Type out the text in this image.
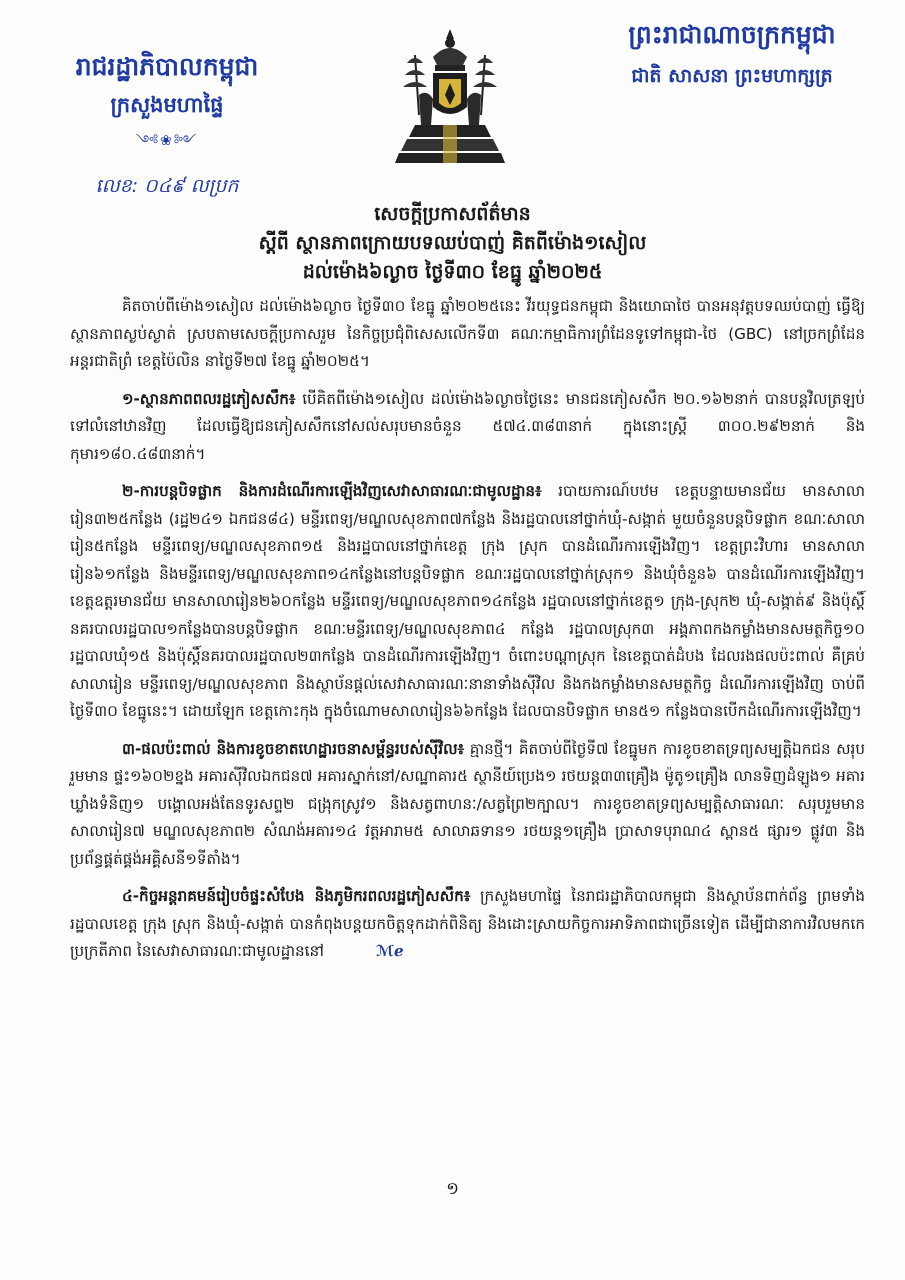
រាជរដ្ឋាភិបាលកម្ពុជា
ក្រសួងមហាផ្ទៃ
༺❀༻
លេខ: ០៤៩ លប្រក
ព្រះរាជាណាចក្រកម្ពុជា
ជាតិ សាសនា ព្រះមហាក្សត្រ
សេចក្តីប្រកាសព័ត៌មាន
ស្តីពី ស្ថានភាពក្រោយបទឈប់បាញ់ គិតពីម៉ោង១សៀល
ដល់ម៉ោង៦ល្ងាច ថ្ងៃទី៣០ ខែធ្នូ ឆ្នាំ២០២៥

គិតចាប់ពីម៉ោង១សៀល ដល់ម៉ោង៦ល្ងាច ថ្ងៃទី៣០ ខែធ្នូ ឆ្នាំ២០២៥នេះ វីរយុទ្ធជនកម្ពុជា និងយោធាថៃ បានអនុវត្តបទឈប់បាញ់ ធ្វើឱ្យស្ថានភាពស្ងប់ស្ងាត់ ស្របតាមសេចក្តីប្រកាសរួម នៃកិច្ចប្រជុំពិសេសលើកទី៣ គណៈកម្មាធិការព្រំដែនទូទៅកម្ពុជា-ថៃ (GBC) នៅច្រកព្រំដែនអន្តរជាតិព្រំ ខេត្តប៉ៃលិន នាថ្ងៃទី២៧ ខែធ្នូ ឆ្នាំ២០២៥។

១-ស្ថានភាពពលរដ្ឋភៀសសឹក៖ បើគិតពីម៉ោង១សៀល ដល់ម៉ោង៦ល្ងាចថ្ងៃនេះ មានជនភៀសសឹក ២០.១៦២នាក់ បានបន្តវិលត្រឡប់ទៅលំនៅឋានវិញ ដែលធ្វើឱ្យជនភៀសសឹកនៅសល់សរុបមានចំនួន ៥៧៤.៣៨៣នាក់ ក្នុងនោះស្ត្រី ៣០០.២៩២នាក់ និងកុមារ១៨០.៤៨៣នាក់។

២-ការបន្តបិទផ្លាក និងការដំណើរការឡើងវិញសេវាសាធារណៈជាមូលដ្ឋាន៖ របាយការណ៍បឋម ខេត្តបន្ទាយមានជ័យ មានសាលារៀន៣២៥កន្លែង (រដ្ឋ២៤១ ឯកជន៨៤) មន្ទីរពេទ្យ/មណ្ឌលសុខភាព៧កន្លែង និងរដ្ឋបាលនៅថ្នាក់ឃុំ-សង្កាត់ មួយចំនួនបន្តបិទផ្លាក ខណៈសាលារៀន៥កន្លែង មន្ទីរពេទ្យ/មណ្ឌលសុខភាព១៥ និងរដ្ឋបាលនៅថ្នាក់ខេត្ត ក្រុង ស្រុក បានដំណើរការឡើងវិញ។ ខេត្តព្រះវិហារ មានសាលារៀន៦១កន្លែង និងមន្ទីរពេទ្យ/មណ្ឌលសុខភាព១៤កន្លែងនៅបន្តបិទផ្លាក ខណៈរដ្ឋបាលនៅថ្នាក់ស្រុក១ និងឃុំចំនួន៦ បានដំណើរការឡើងវិញ។ ខេត្តឧត្តរមានជ័យ មានសាលារៀន២៦០កន្លែង មន្ទីរពេទ្យ/មណ្ឌលសុខភាព១៤កន្លែង រដ្ឋបាលនៅថ្នាក់ខេត្ត១ ក្រុង-ស្រុក២ ឃុំ-សង្កាត់៩ និងប៉ុស្តិ៍នគរបាលរដ្ឋបាល១កន្លែងបានបន្តបិទផ្លាក ខណៈមន្ទីរពេទ្យ/មណ្ឌលសុខភាព៤ កន្លែង រដ្ឋបាលស្រុក៣ អង្គភាពកងកម្លាំងមានសមត្ថកិច្ច១០ រដ្ឋបាលឃុំ១៥ និងប៉ុស្តិ៍នគរបាលរដ្ឋបាល២៣កន្លែង បានដំណើរការឡើងវិញ។ ចំពោះបណ្តាស្រុក នៃខេត្តបាត់ដំបង ដែលរងផលប៉ះពាល់ គឺគ្រប់សាលារៀន មន្ទីរពេទ្យ/មណ្ឌលសុខភាព និងស្ថាប័នផ្តល់សេវាសាធារណៈនានាទាំងស៊ីវិល និងកងកម្លាំងមានសមត្ថកិច្ច ដំណើរការឡើងវិញ ចាប់ពីថ្ងៃទី៣០ ខែធ្នូនេះ។ ដោយឡែក ខេត្តកោះកុង ក្នុងចំណោមសាលារៀន៦៦កន្លែង ដែលបានបិទផ្លាក មាន៥១ កន្លែងបានបើកដំណើរការឡើងវិញ។

៣-ផលប៉ះពាល់ និងការខូចខាតហេដ្ឋារចនាសម្ព័ន្ធរបស់ស៊ីវិល៖ គ្មានថ្មី។ គិតចាប់ពីថ្ងៃទី៧ ខែធ្នូមក ការខូចខាតទ្រព្យសម្បត្តិឯកជន សរុបរួមមាន ផ្ទះ១៦០២ខ្នង អគារស៊ីវិលឯកជន៧ អគារស្នាក់នៅ/សណ្ឋាគារ៥ ស្ថានីយ៍ប្រេង១ រថយន្ត៣៣គ្រឿង ម៉ូតូ១គ្រឿង លានទិញដំឡូង១ អគារឃ្លាំងទំនិញ១ បង្គោលអង់តែនទូរសព្ទ២ ជង្រុកស្រូវ១ និងសត្វពាហនៈ/សត្វព្រៃ២ក្បាល។ ការខូចខាតទ្រព្យសម្បត្តិសាធារណៈ សរុបរួមមាន សាលារៀន៧ មណ្ឌលសុខភាព២ សំណង់អគារ១៤ វត្តអារាម៥ សាលាឆទាន១ រថយន្ត១គ្រឿង ប្រាសាទបុរាណ៤ ស្ពាន៥ ផ្សារ១ ផ្លូវ៣ និងប្រព័ន្ធផ្គត់ផ្គង់អគ្គិសនី១ទីតាំង។

៤-កិច្ចអន្តរាគមន៍រៀបចំផ្ទះសំបែង និងភូមិករពលរដ្ឋភៀសសឹក៖ ក្រសួងមហាផ្ទៃ នៃរាជរដ្ឋាភិបាលកម្ពុជា និងស្ថាប័នពាក់ព័ន្ធ ព្រមទាំងរដ្ឋបាលខេត្ត ក្រុង ស្រុក និងឃុំ-សង្កាត់ បានកំពុងបន្តយកចិត្តទុកដាក់ពិនិត្យ និងដោះស្រាយកិច្ចការអាទិភាពជាច្រើនទៀត ដើម្បីជានាការវិលមកកេប្រក្រតីភាព នៃសេវាសាធារណៈជាមូលដ្ឋាននៅ	ℳℯ

១
